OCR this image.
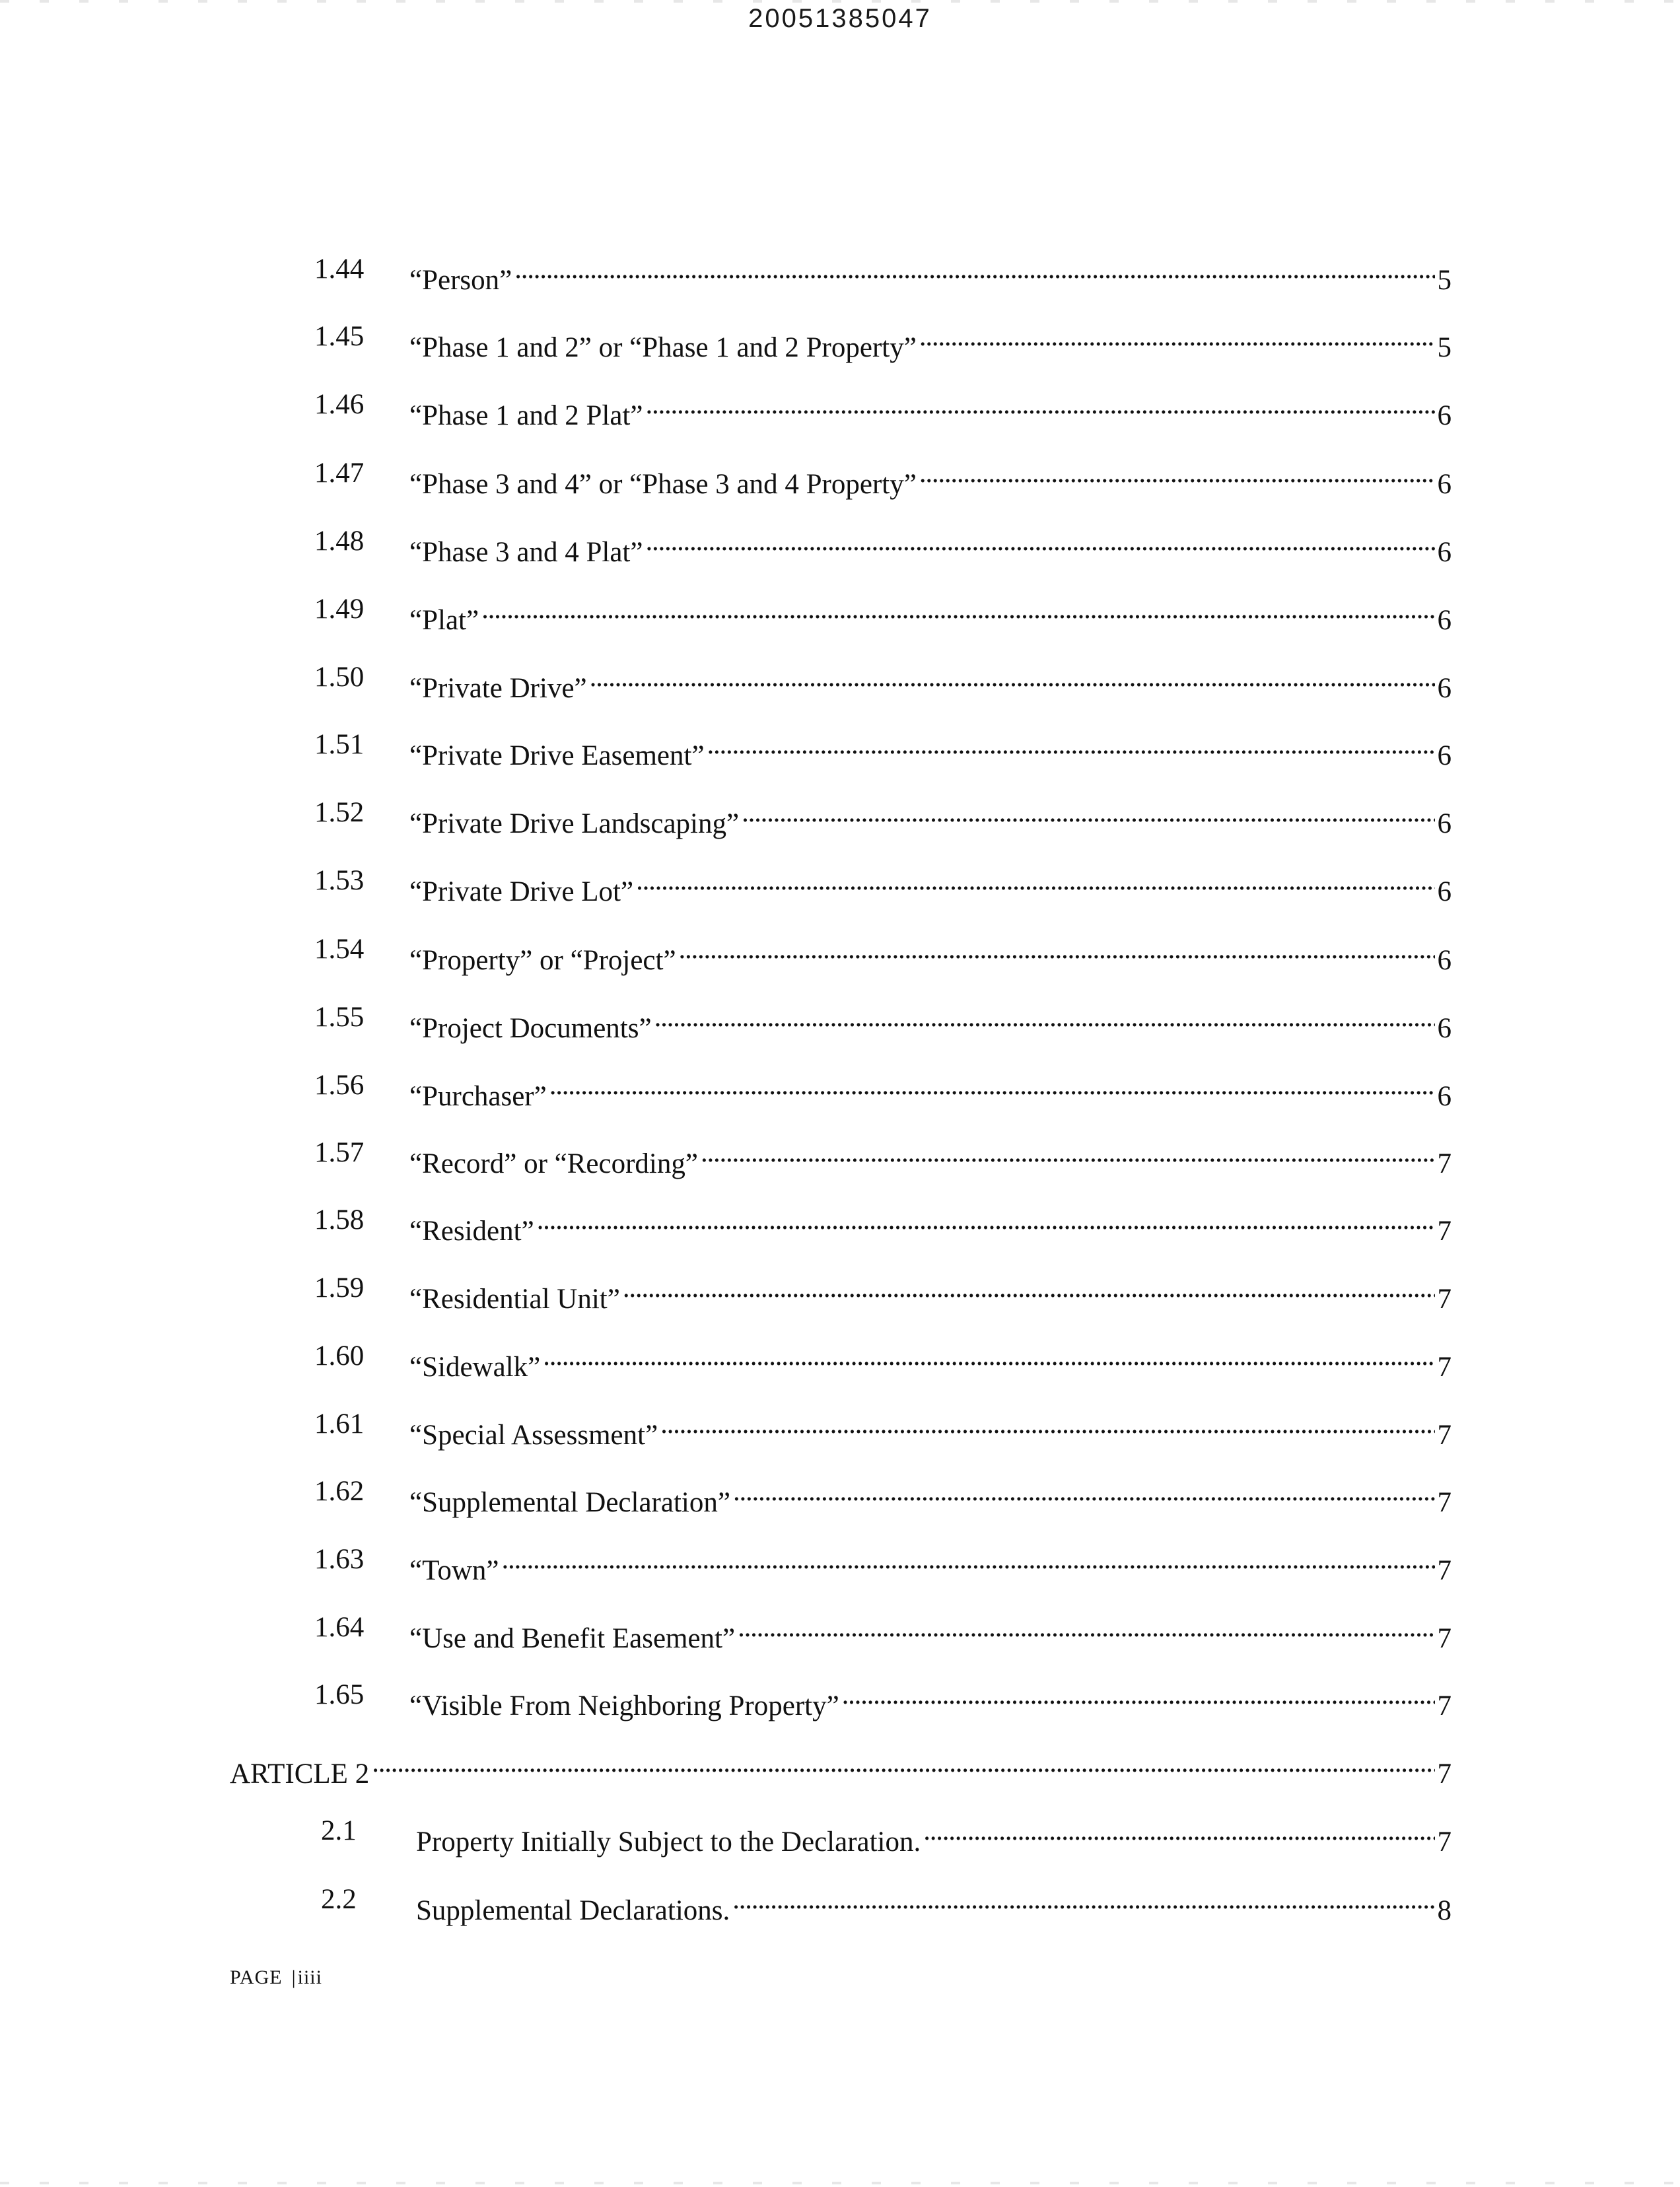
20051385047
1.44 “Person” . . .	5
1.45 “Phase 1 and 2” or “Phase 1 and 2 Property” . . .	5
1.46 “Phase 1 and 2 Plat” . . .	6
1.47 “Phase 3 and 4” or “Phase 3 and 4 Property” . . .	6
1.48 “Phase 3 and 4 Plat” . . .	6
1.49 “Plat” . . .	6
1.50 “Private Drive” . . .	6
1.51 “Private Drive Easement” . . .	6
1.52 “Private Drive Landscaping” . . .	6
1.53 “Private Drive Lot” . . .	6
1.54 “Property” or “Project” . . .	6
1.55 “Project Documents” . . .	6
1.56 “Purchaser” . . .	6
1.57 “Record” or “Recording” . . .	7
1.58 “Resident” . . .	7
1.59 “Residential Unit” . . .	7
1.60 “Sidewalk” . . .	7
1.61 “Special Assessment” . . .	7
1.62 “Supplemental Declaration” . . .	7
1.63 “Town” . . .	7
1.64 “Use and Benefit Easement” . . .	7
1.65 “Visible From Neighboring Property” . . .	7
ARTICLE 2 . . .	7
2.1 Property Initially Subject to the Declaration. . . .	7
2.2 Supplemental Declarations. . . .	8
PAGE |iiii
